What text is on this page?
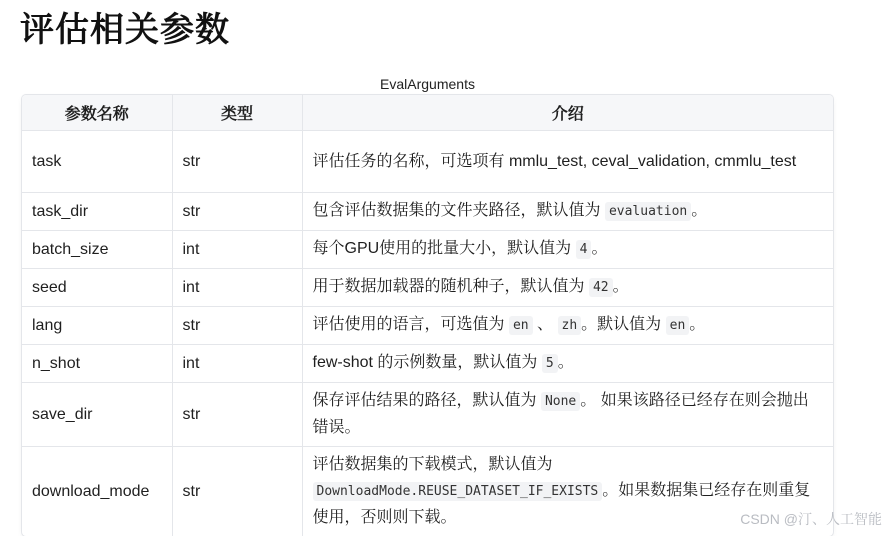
评估相关参数
EvalArguments
参数名称	类型	介绍
task	str	评估任务的名称，可选项有 mmlu_test, ceval_validation, cmmlu_test
task_dir	str	包含评估数据集的文件夹路径，默认值为 evaluation 。
batch_size	int	每个GPU使用的批量大小，默认值为 4 。
seed	int	用于数据加载器的随机种子，默认值为 42 。
lang	str	评估使用的语言，可选值为 en 、 zh 。默认值为 en 。
n_shot	int	few-shot 的示例数量，默认值为 5 。
save_dir	str	保存评估结果的路径，默认值为 None 。 如果该路径已经存在则会抛出错误。
download_mode	str	评估数据集的下载模式，默认值为 DownloadMode.REUSE_DATASET_IF_EXISTS 。如果数据集已经存在则重复使用，否则则下载。	CSDN @汀、人工智能
